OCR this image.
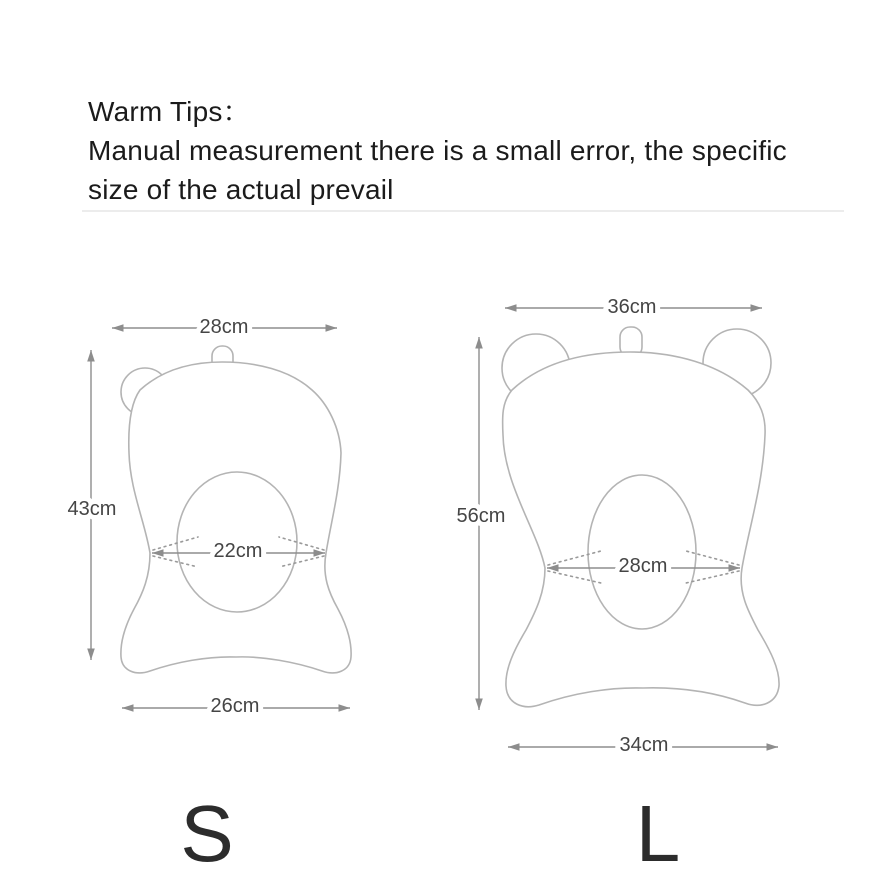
Warm Tips：
Manual measurement there is a small error, the specific
size of the actual prevail
28cm
43cm
22cm
26cm
36cm
56cm
28cm
34cm
S	L
